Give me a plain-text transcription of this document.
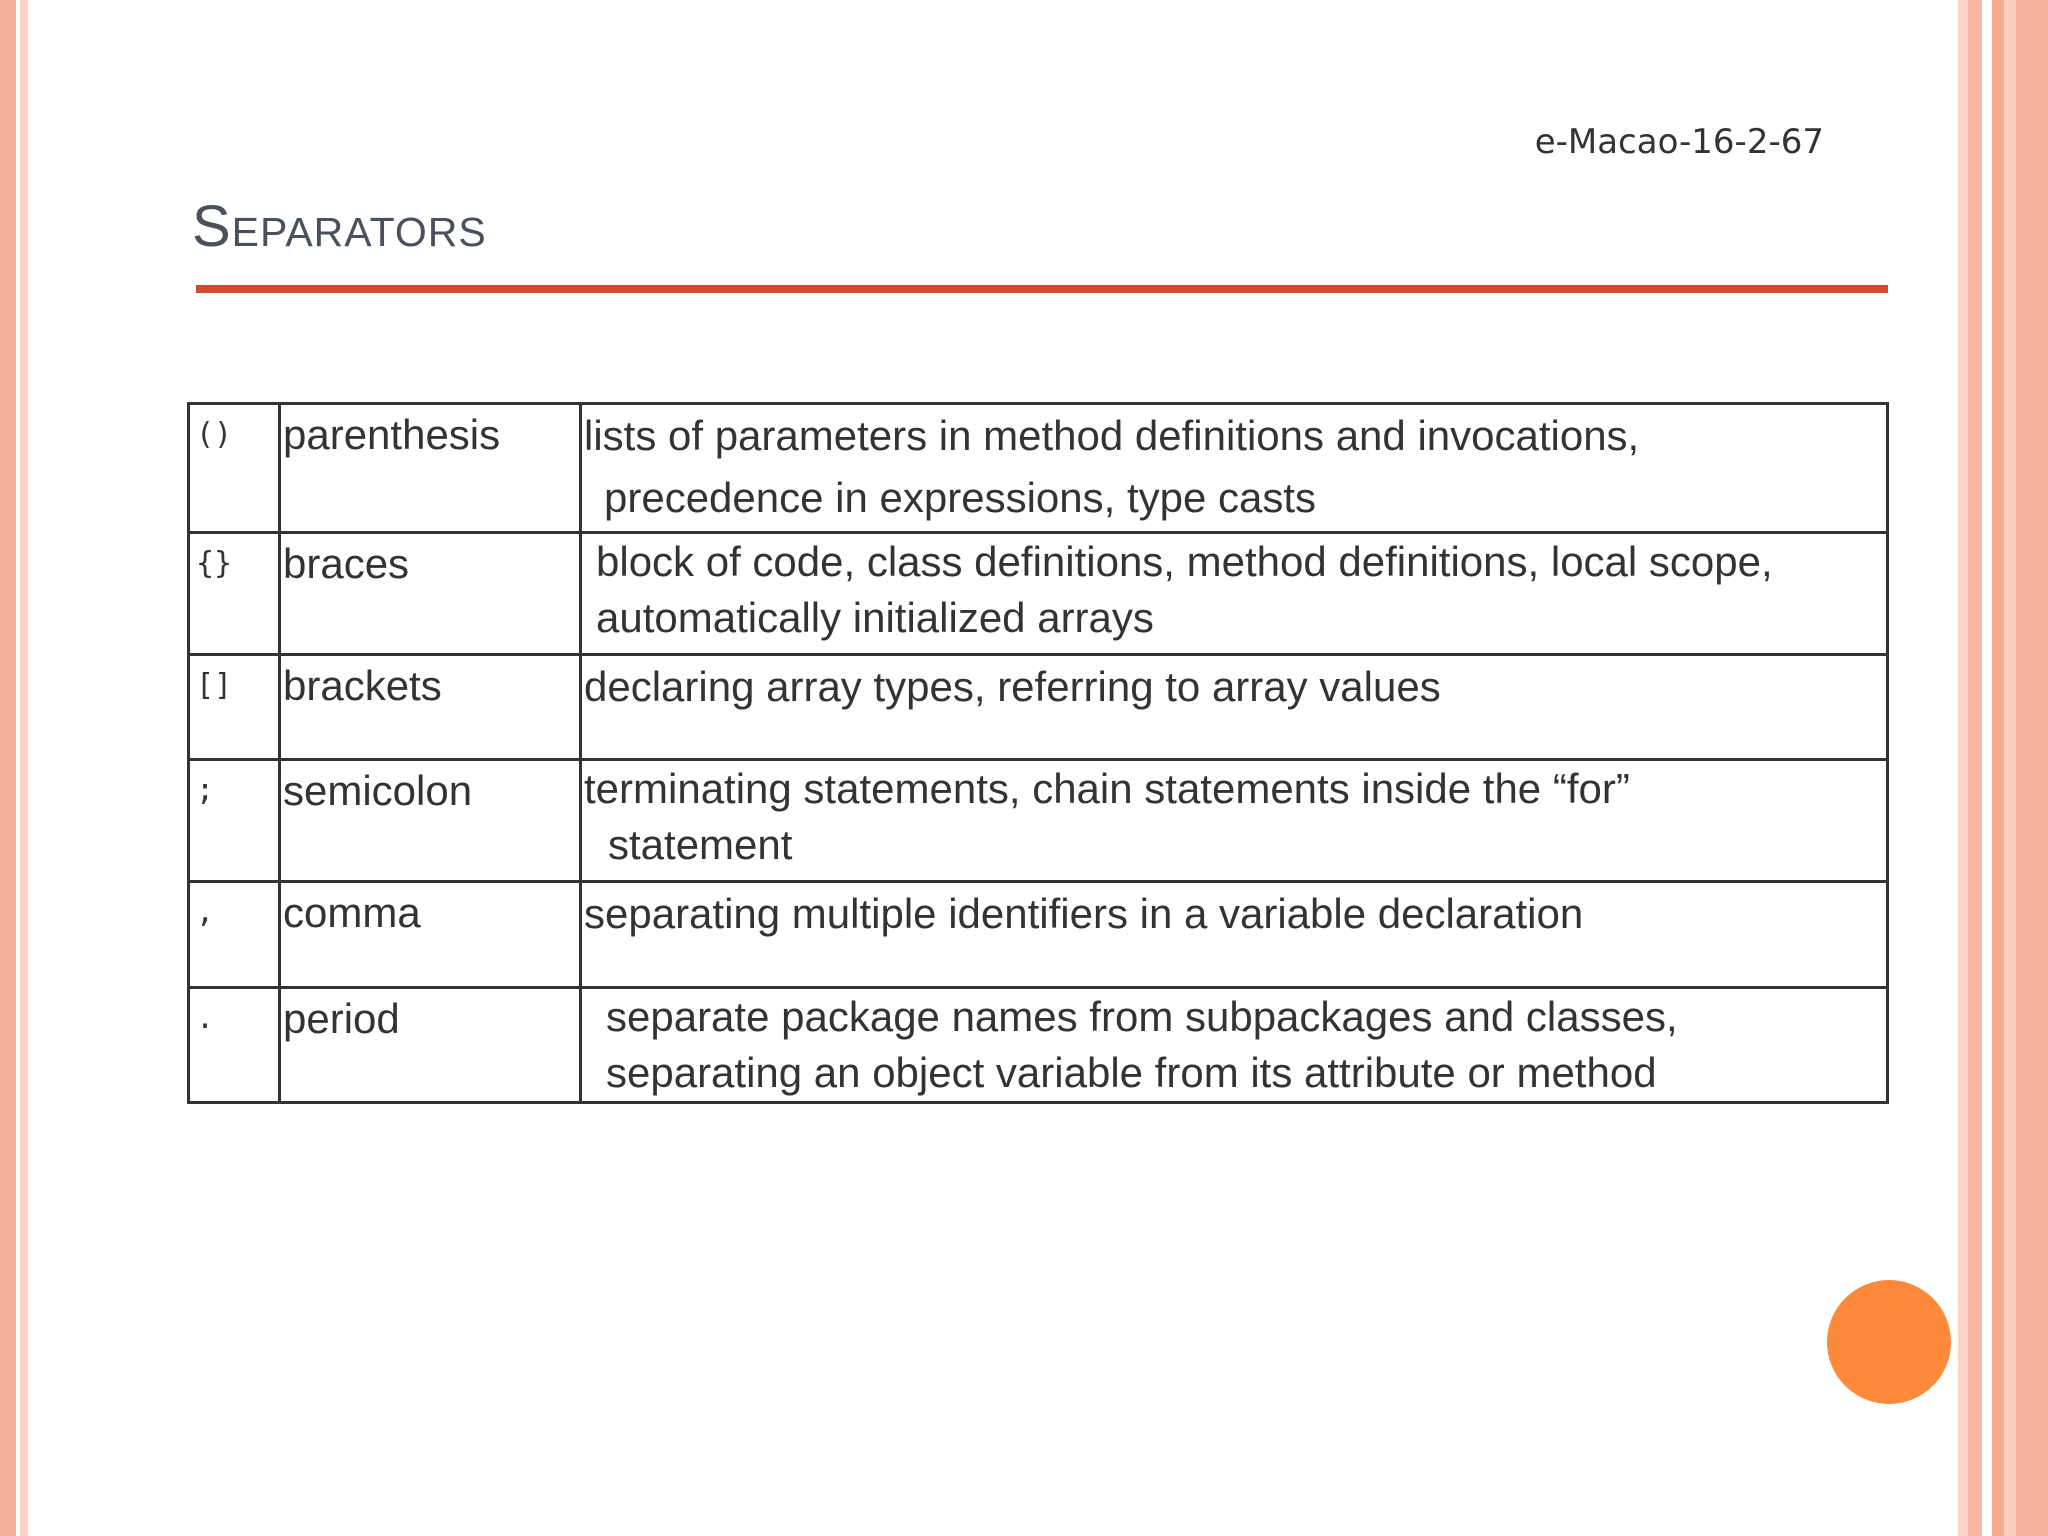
e-Macao-16-2-67
Separators
()	parenthesis	lists of parameters in method definitions and invocations,
precedence in expressions, type casts

{}	braces	block of code, class definitions, method definitions, local scope,
automatically initialized arrays

[]	brackets	declaring array types, referring to array values

;	semicolon	terminating statements, chain statements inside the “for”
statement

,	comma	separating multiple identifiers in a variable declaration

.	period	separate package names from subpackages and classes,
separating an object variable from its attribute or method
